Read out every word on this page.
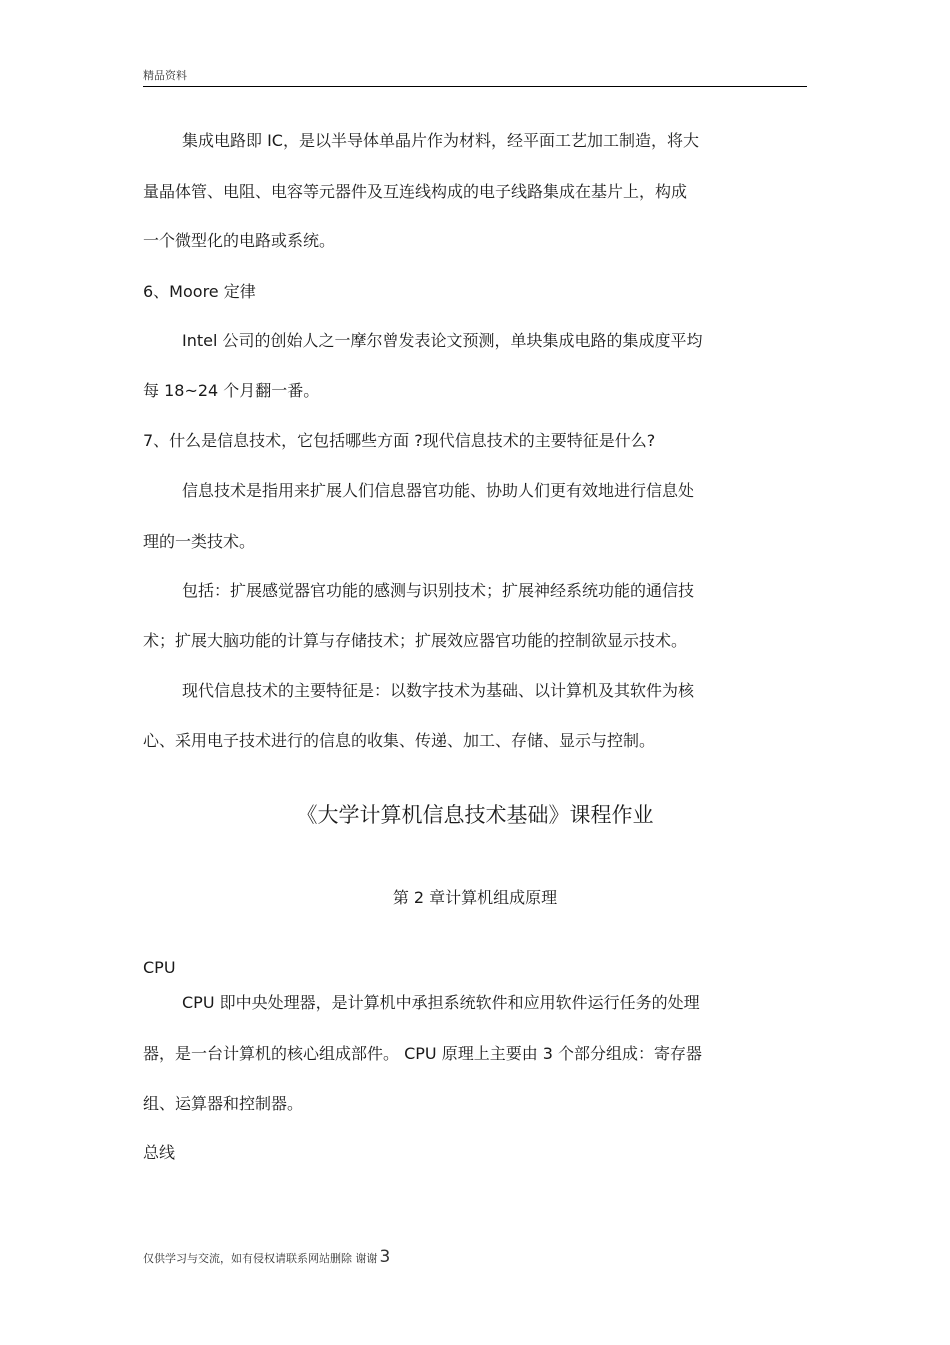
精品资料
集成电路即 IC，是以半导体单晶片作为材料，经平面工艺加工制造，将大
量晶体管、电阻、电容等元器件及互连线构成的电子线路集成在基片上，构成
一个微型化的电路或系统。
6、Moore 定律
Intel 公司的创始人之一摩尔曾发表论文预测，单块集成电路的集成度平均
每 18~24 个月翻一番。
7、什么是信息技术，它包括哪些方面 ?现代信息技术的主要特征是什么?
信息技术是指用来扩展人们信息器官功能、协助人们更有效地进行信息处
理的一类技术。
包括：扩展感觉器官功能的感测与识别技术；扩展神经系统功能的通信技
术；扩展大脑功能的计算与存储技术；扩展效应器官功能的控制欲显示技术。
现代信息技术的主要特征是：以数字技术为基础、以计算机及其软件为核
心、采用电子技术进行的信息的收集、传递、加工、存储、显示与控制。
《大学计算机信息技术基础》课程作业
第 2 章计算机组成原理
CPU
CPU 即中央处理器，是计算机中承担系统软件和应用软件运行任务的处理
器，是一台计算机的核心组成部件。 CPU 原理上主要由 3 个部分组成：寄存器
组、运算器和控制器。
总线
仅供学习与交流，如有侵权请联系网站删除 谢谢 3
